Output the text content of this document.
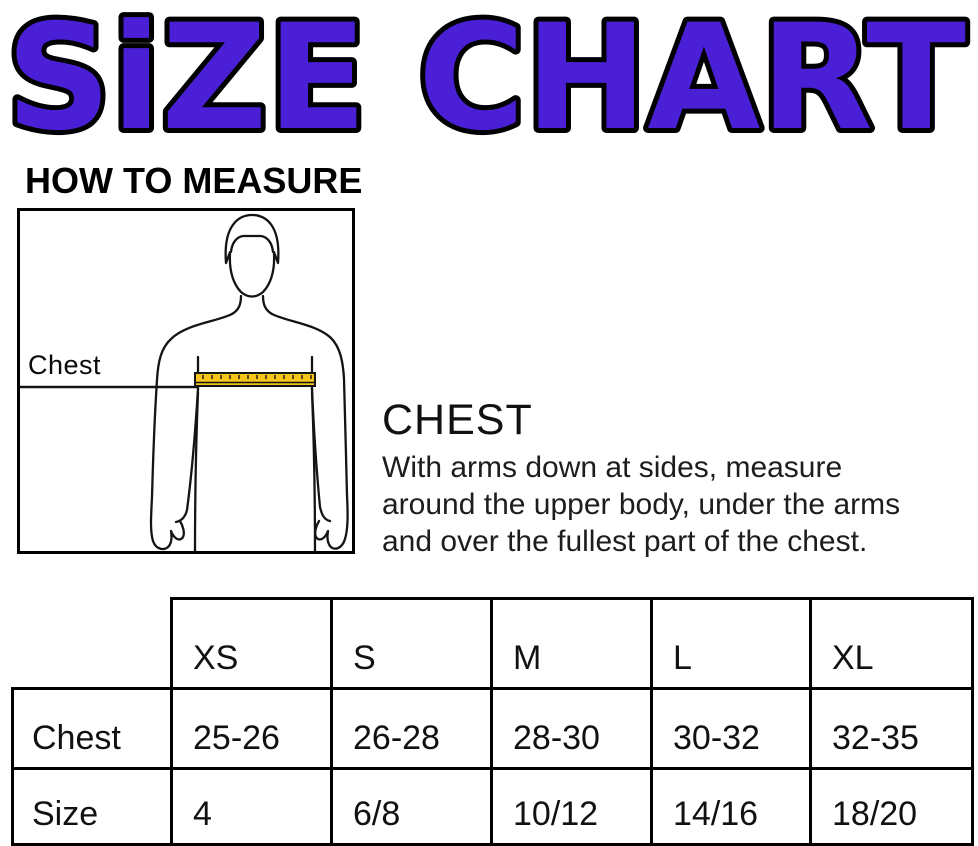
SiZE CHART
HOW TO MEASURE
Chest
CHEST
With arms down at sides, measure
around the upper body, under the arms
and over the fullest part of the chest.
	XS	S	M	L	XL
Chest	25-26	26-28	28-30	30-32	32-35
Size	4	6/8	10/12	14/16	18/20
